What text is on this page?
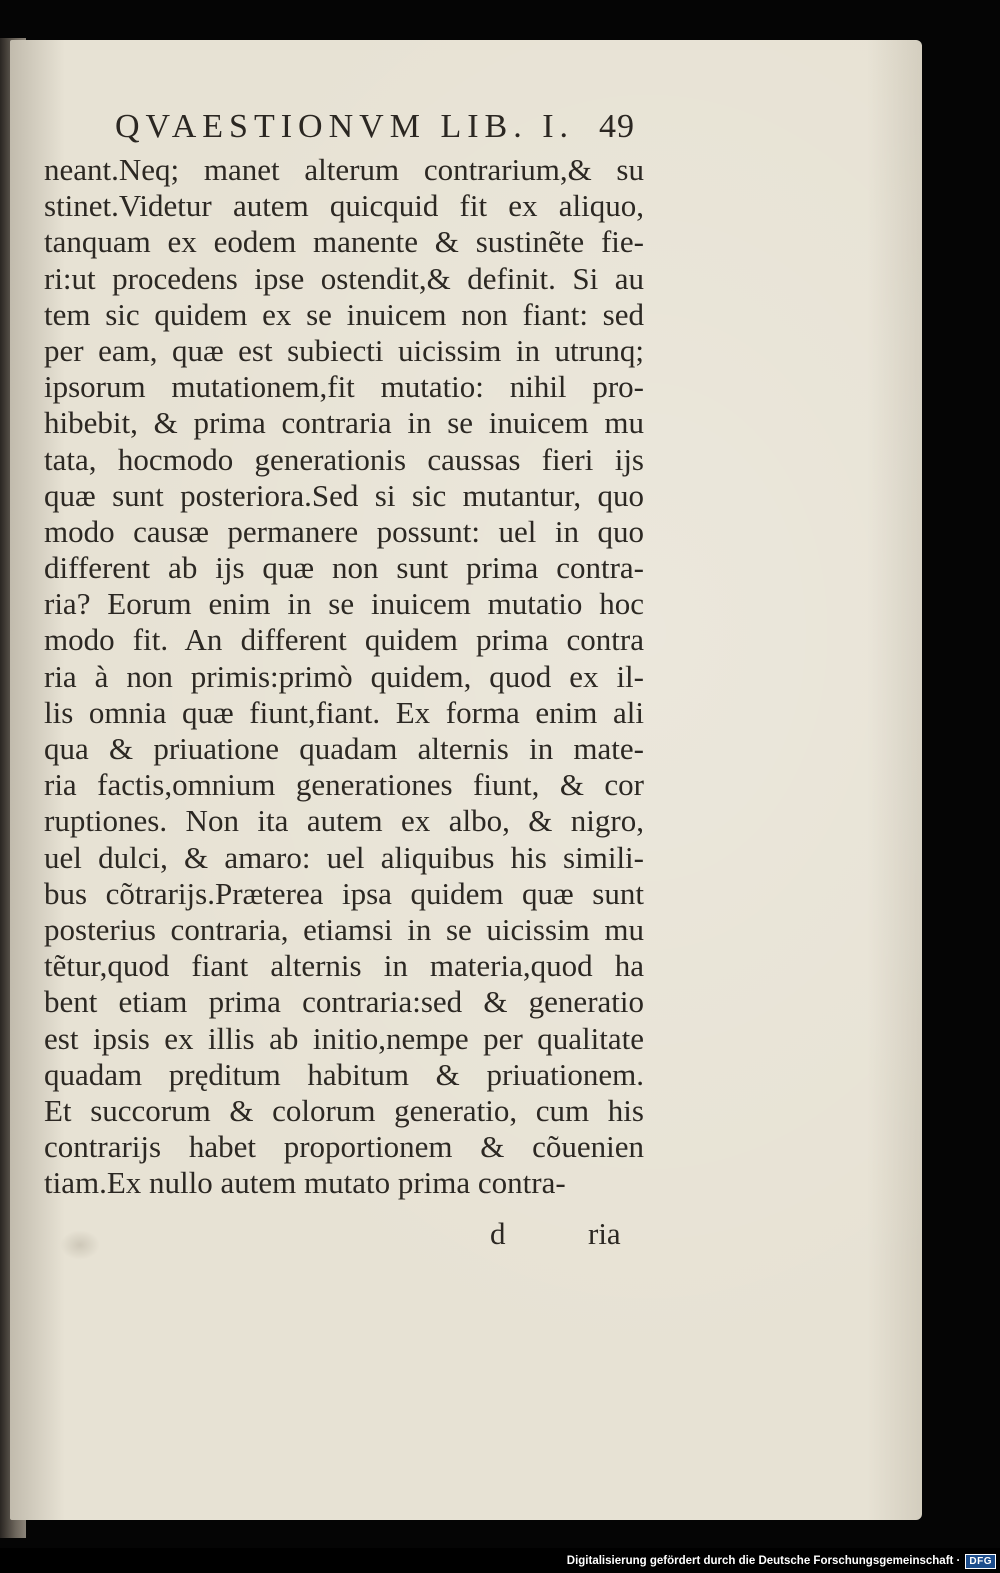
QVAESTIONVM LIB. I. 49
neant.Neq; manet alterum contrarium,& su
stinet.Videtur autem quicquid fit ex aliquo,
tanquam ex eodem manente & sustinẽte fie-
ri:ut procedens ipse ostendit,& definit. Si au
tem sic quidem ex se inuicem non fiant: sed
per eam, quæ est subiecti uicissim in utrunq;
ipsorum mutationem,fit mutatio: nihil pro-
hibebit, & prima contraria in se inuicem mu
tata, hocmodo generationis caussas fieri ijs
quæ sunt posteriora.Sed si sic mutantur, quo
modo causæ permanere possunt: uel in quo
different ab ijs quæ non sunt prima contra-
ria? Eorum enim in se inuicem mutatio hoc
modo fit. An different quidem prima contra
ria à non primis:primò quidem, quod ex il-
lis omnia quæ fiunt,fiant. Ex forma enim ali
qua & priuatione quadam alternis in mate-
ria factis,omnium generationes fiunt, & cor
ruptiones. Non ita autem ex albo, & nigro,
uel dulci, & amaro: uel aliquibus his simili-
bus cõtrarijs.Præterea ipsa quidem quæ sunt
posterius contraria, etiamsi in se uicissim mu
tẽtur,quod fiant alternis in materia,quod ha
bent etiam prima contraria:sed & generatio
est ipsis ex illis ab initio,nempe per qualitate
quadam pręditum habitum & priuationem.
Et succorum & colorum generatio, cum his
contrarijs habet proportionem & cõuenien
tiam.Ex nullo autem mutato prima contra-
d	ria
Digitalisierung gefördert durch die Deutsche Forschungsgemeinschaft · DFG
